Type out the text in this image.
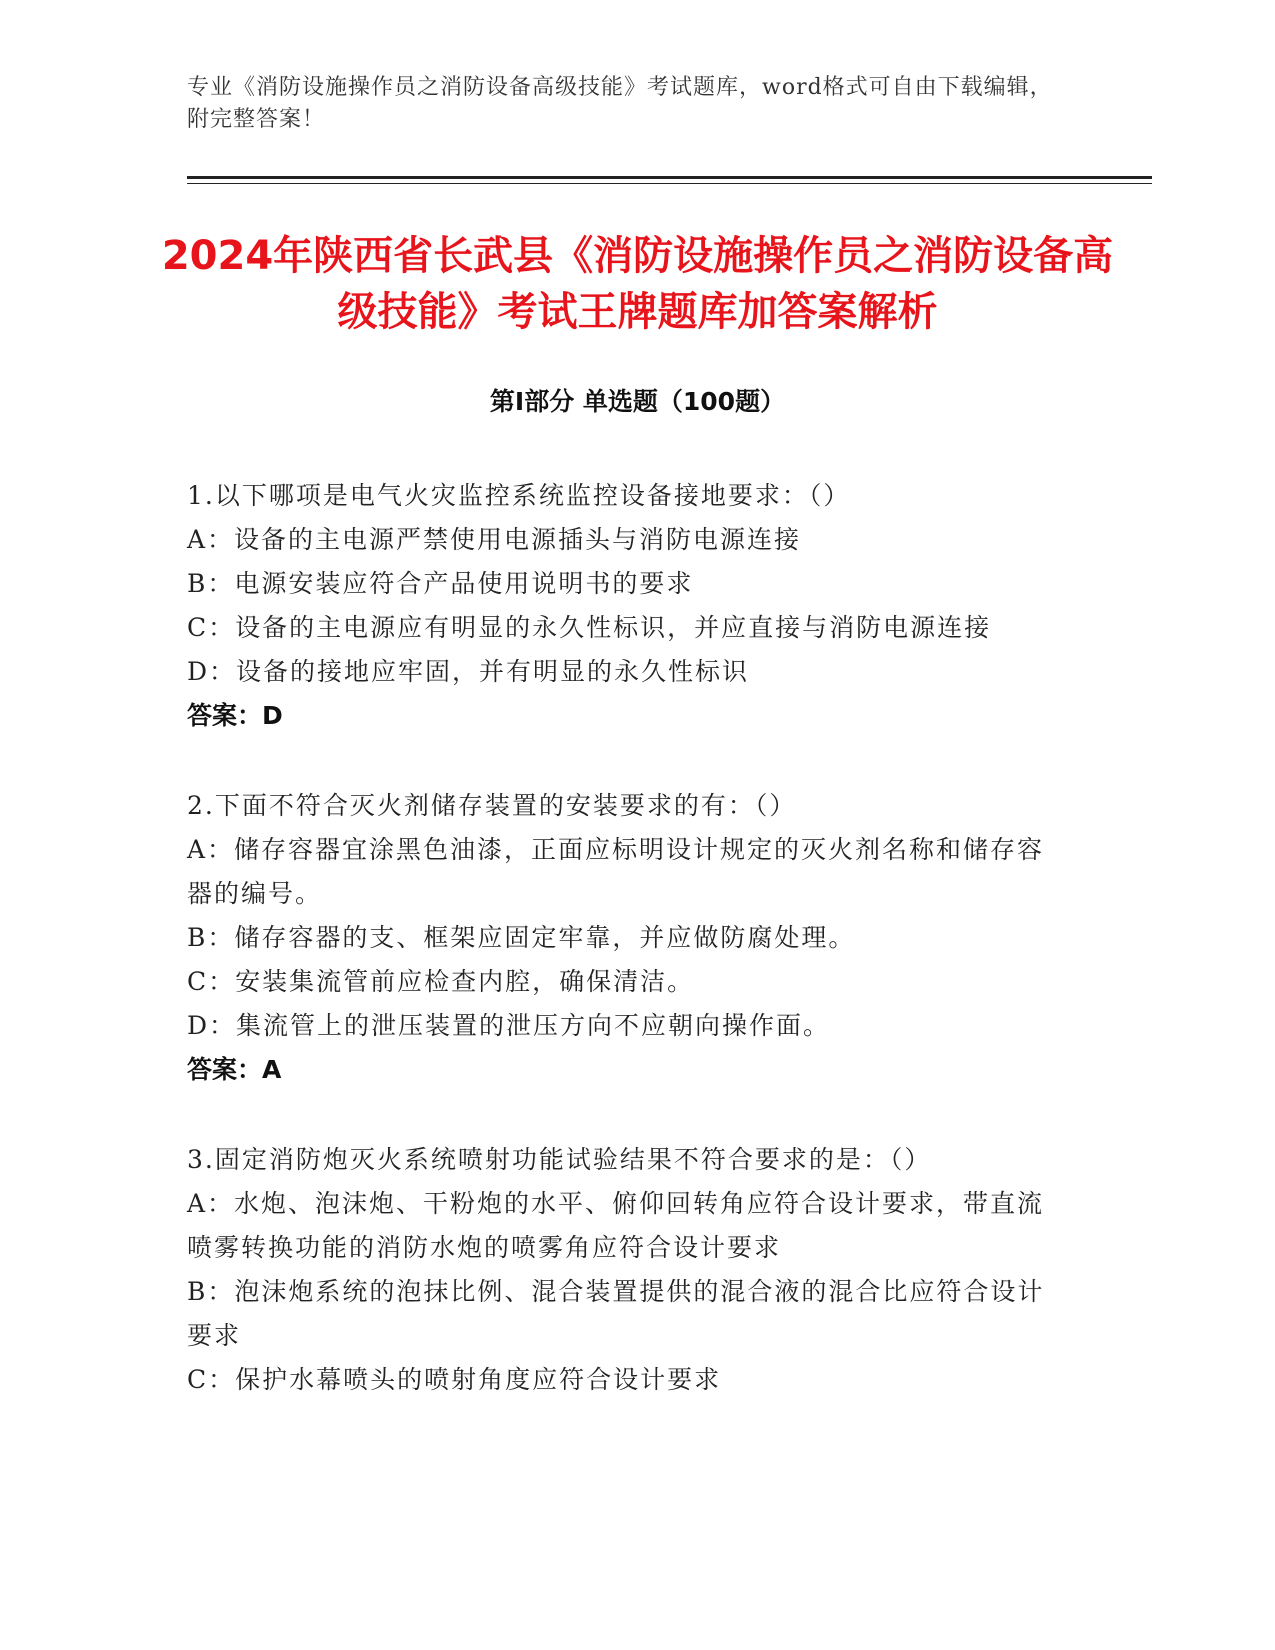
专业《消防设施操作员之消防设备高级技能》考试题库，word格式可自由下载编辑，附完整答案！
2024年陕西省长武县《消防设施操作员之消防设备高级技能》考试王牌题库加答案解析
第I部分 单选题（100题）
1.以下哪项是电气火灾监控系统监控设备接地要求：（）
A：设备的主电源严禁使用电源插头与消防电源连接
B：电源安装应符合产品使用说明书的要求
C：设备的主电源应有明显的永久性标识，并应直接与消防电源连接
D：设备的接地应牢固，并有明显的永久性标识
答案：D
2.下面不符合灭火剂储存装置的安装要求的有：（）
A：储存容器宜涂黑色油漆，正面应标明设计规定的灭火剂名称和储存容器的编号。
B：储存容器的支、框架应固定牢靠，并应做防腐处理。
C：安装集流管前应检查内腔，确保清洁。
D：集流管上的泄压装置的泄压方向不应朝向操作面。
答案：A
3.固定消防炮灭火系统喷射功能试验结果不符合要求的是：（）
A：水炮、泡沫炮、干粉炮的水平、俯仰回转角应符合设计要求，带直流喷雾转换功能的消防水炮的喷雾角应符合设计要求
B：泡沫炮系统的泡抹比例、混合装置提供的混合液的混合比应符合设计要求
C：保护水幕喷头的喷射角度应符合设计要求
